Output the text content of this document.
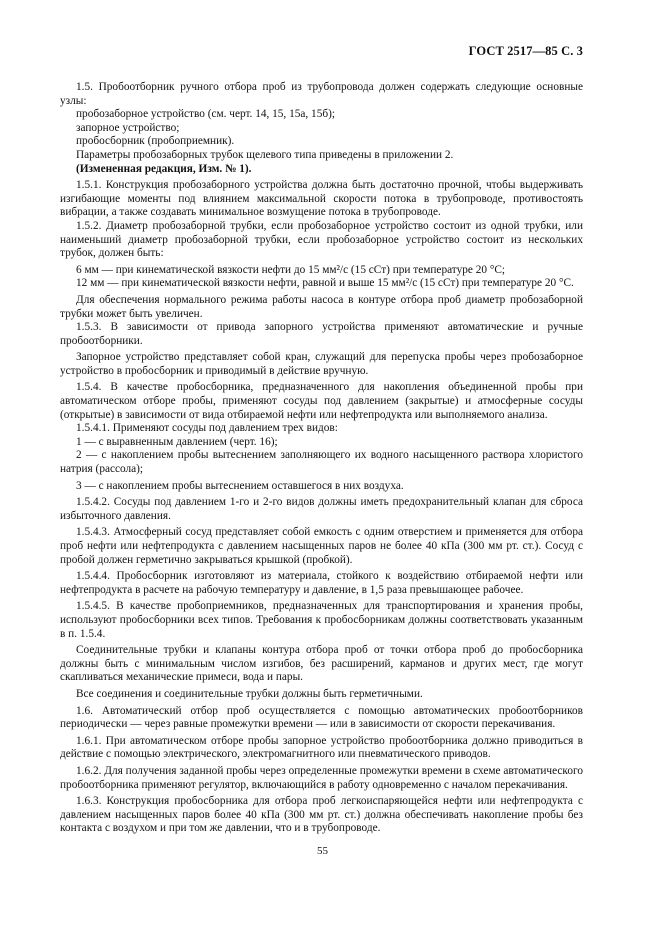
ГОСТ 2517—85 С. 3

1.5. Пробоотборник ручного отбора проб из трубопровода должен содержать следующие основные узлы:

пробозаборное устройство (см. черт. 14, 15, 15а, 15б);

запорное устройство;

пробосборник (пробоприемник).

Параметры пробозаборных трубок щелевого типа приведены в приложении 2.

(Измененная редакция, Изм. № 1).

1.5.1. Конструкция пробозаборного устройства должна быть достаточно прочной, чтобы выдерживать изгибающие моменты под влиянием максимальной скорости потока в трубопроводе, противостоять вибрации, а также создавать минимальное возмущение потока в трубопроводе.

1.5.2. Диаметр пробозаборной трубки, если пробозаборное устройство состоит из одной трубки, или наименьший диаметр пробозаборной трубки, если пробозаборное устройство состоит из нескольких трубок, должен быть:

6 мм — при кинематической вязкости нефти до 15 мм²/с (15 сСт) при температуре 20 °С;

12 мм — при кинематической вязкости нефти, равной и выше 15 мм²/с (15 сСт) при температуре 20 °С.

Для обеспечения нормального режима работы насоса в контуре отбора проб диаметр пробозаборной трубки может быть увеличен.

1.5.3. В зависимости от привода запорного устройства применяют автоматические и ручные пробоотборники.

Запорное устройство представляет собой кран, служащий для перепуска пробы через пробозаборное устройство в пробосборник и приводимый в действие вручную.

1.5.4. В качестве пробосборника, предназначенного для накопления объединенной пробы при автоматическом отборе пробы, применяют сосуды под давлением (закрытые) и атмосферные сосуды (открытые) в зависимости от вида отбираемой нефти или нефтепродукта или выполняемого анализа.

1.5.4.1. Применяют сосуды под давлением трех видов:

1 — с выравненным давлением (черт. 16);

2 — с накоплением пробы вытеснением заполняющего их водного насыщенного раствора хлористого натрия (рассола);

3 — с накоплением пробы вытеснением оставшегося в них воздуха.

1.5.4.2. Сосуды под давлением 1-го и 2-го видов должны иметь предохранительный клапан для сброса избыточного давления.

1.5.4.3. Атмосферный сосуд представляет собой емкость с одним отверстием и применяется для отбора проб нефти или нефтепродукта с давлением насыщенных паров не более 40 кПа (300 мм рт. ст.). Сосуд с пробой должен герметично закрываться крышкой (пробкой).

1.5.4.4. Пробосборник изготовляют из материала, стойкого к воздействию отбираемой нефти или нефтепродукта в расчете на рабочую температуру и давление, в 1,5 раза превышающее рабочее.

1.5.4.5. В качестве пробоприемников, предназначенных для транспортирования и хранения пробы, используют пробосборники всех типов. Требования к пробосборникам должны соответствовать указанным в п. 1.5.4.

Соединительные трубки и клапаны контура отбора проб от точки отбора проб до пробосборника должны быть с минимальным числом изгибов, без расширений, карманов и других мест, где могут скапливаться механические примеси, вода и пары.

Все соединения и соединительные трубки должны быть герметичными.

1.6. Автоматический отбор проб осуществляется с помощью автоматических пробоотборников периодически — через равные промежутки времени — или в зависимости от скорости перекачивания.

1.6.1. При автоматическом отборе пробы запорное устройство пробоотборника должно приводиться в действие с помощью электрического, электромагнитного или пневматического приводов.

1.6.2. Для получения заданной пробы через определенные промежутки времени в схеме автоматического пробоотборника применяют регулятор, включающийся в работу одновременно с началом перекачивания.

1.6.3. Конструкция пробосборника для отбора проб легкоиспаряющейся нефти или нефтепродукта с давлением насыщенных паров более 40 кПа (300 мм рт. ст.) должна обеспечивать накопление пробы без контакта с воздухом и при том же давлении, что и в трубопроводе.

55
